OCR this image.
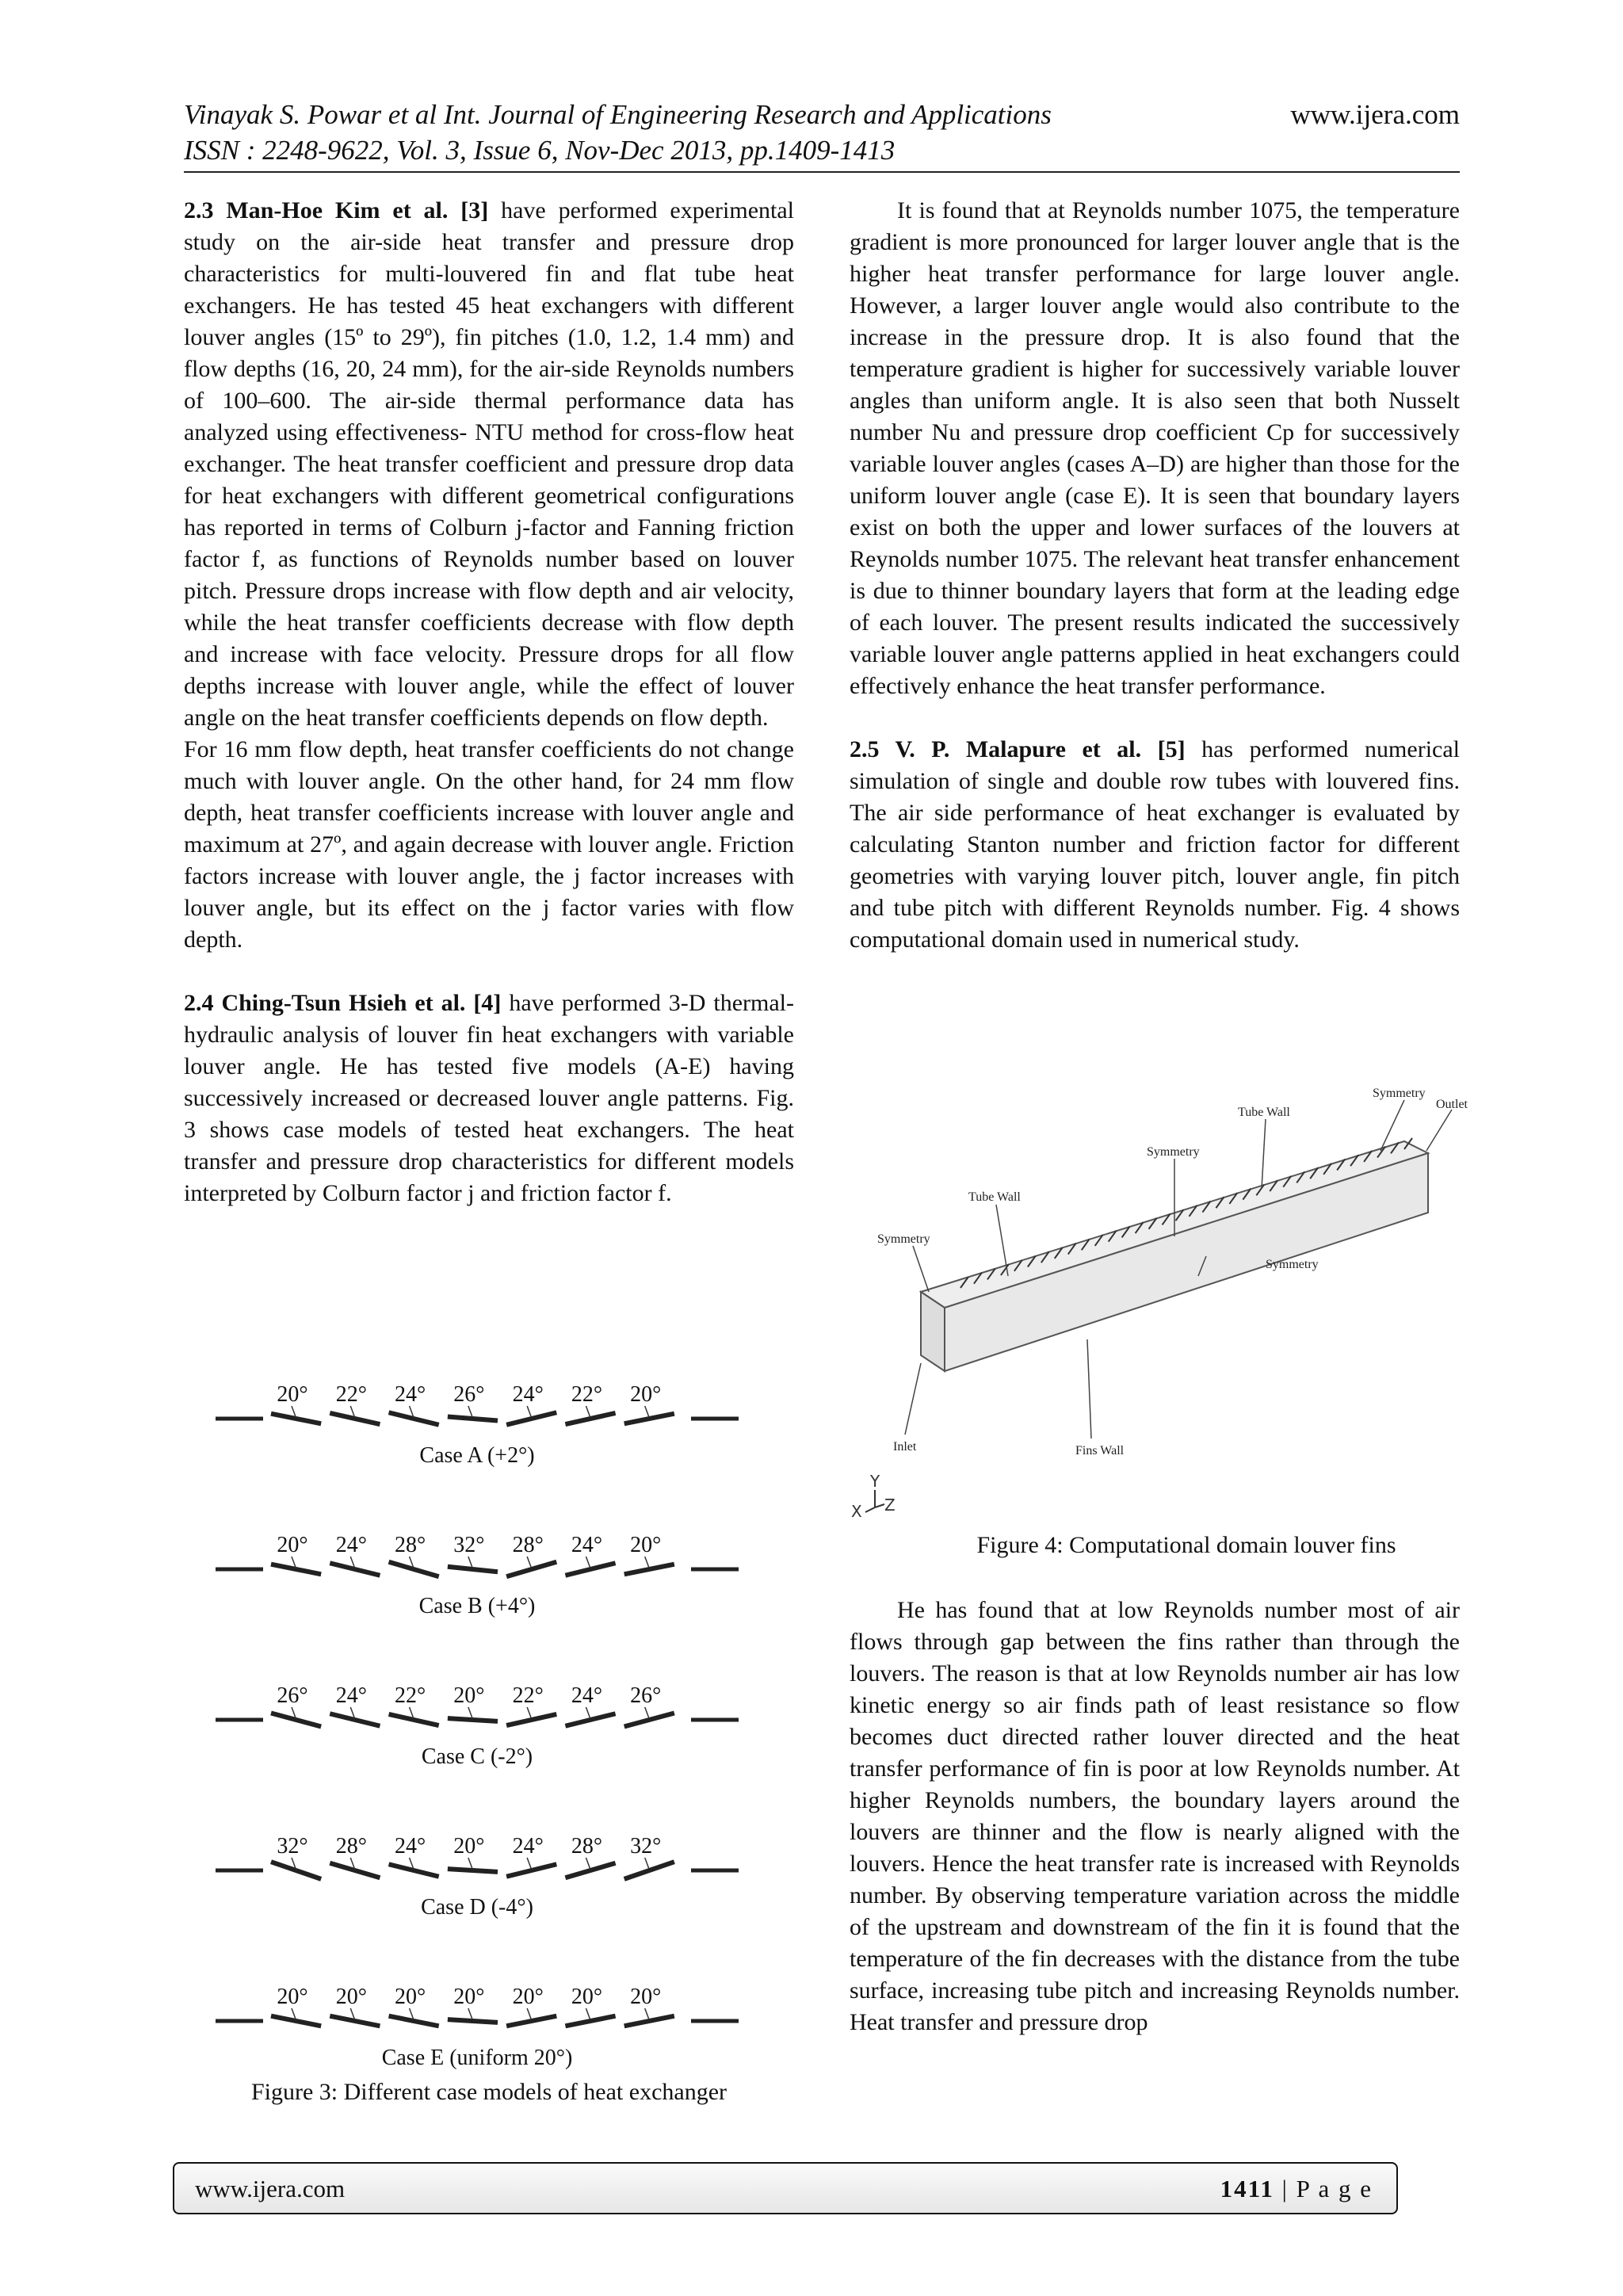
Vinayak S. Powar et al Int. Journal of Engineering Research and Applications	www.ijera.com
ISSN : 2248-9622, Vol. 3, Issue 6, Nov-Dec 2013, pp.1409-1413

2.3 Man-Hoe Kim et al. [3] have performed experimental study on the air-side heat transfer and pressure drop characteristics for multi-louvered fin and flat tube heat exchangers. He has tested 45 heat exchangers with different louver angles (15º to 29º), fin pitches (1.0, 1.2, 1.4 mm) and flow depths (16, 20, 24 mm), for the air-side Reynolds numbers of 100–600. The air-side thermal performance data has analyzed using effectiveness- NTU method for cross-flow heat exchanger. The heat transfer coefficient and pressure drop data for heat exchangers with different geometrical configurations has reported in terms of Colburn j-factor and Fanning friction factor f, as functions of Reynolds number based on louver pitch. Pressure drops increase with flow depth and air velocity, while the heat transfer coefficients decrease with flow depth and increase with face velocity. Pressure drops for all flow depths increase with louver angle, while the effect of louver angle on the heat transfer coefficients depends on flow depth.

For 16 mm flow depth, heat transfer coefficients do not change much with louver angle. On the other hand, for 24 mm flow depth, heat transfer coefficients increase with louver angle and maximum at 27º, and again decrease with louver angle. Friction factors increase with louver angle, the j factor increases with louver angle, but its effect on the j factor varies with flow depth.

2.4 Ching-Tsun Hsieh et al. [4] have performed 3-D thermal-hydraulic analysis of louver fin heat exchangers with variable louver angle. He has tested five models (A-E) having successively increased or decreased louver angle patterns. Fig. 3 shows case models of tested heat exchangers. The heat transfer and pressure drop characteristics for different models interpreted by Colburn factor j and friction factor f.

20° 22° 24° 26° 24° 22° 20°
Case A (+2°)
20° 24° 28° 32° 28° 24° 20°
Case B (+4°)
26° 24° 22° 20° 22° 24° 26°
Case C (-2°)
32° 28° 24° 20° 24° 28° 32°
Case D (-4°)
20° 20° 20° 20° 20° 20° 20°
Case E (uniform 20°)
Figure 3: Different case models of heat exchanger

It is found that at Reynolds number 1075, the temperature gradient is more pronounced for larger louver angle that is the higher heat transfer performance for large louver angle. However, a larger louver angle would also contribute to the increase in the pressure drop. It is also found that the temperature gradient is higher for successively variable louver angles than uniform angle. It is also seen that both Nusselt number Nu and pressure drop coefficient Cp for successively variable louver angles (cases A–D) are higher than those for the uniform louver angle (case E). It is seen that boundary layers exist on both the upper and lower surfaces of the louvers at Reynolds number 1075. The relevant heat transfer enhancement is due to thinner boundary layers that form at the leading edge of each louver. The present results indicated the successively variable louver angle patterns applied in heat exchangers could effectively enhance the heat transfer performance.

2.5 V. P. Malapure et al. [5] has performed numerical simulation of single and double row tubes with louvered fins. The air side performance of heat exchanger is evaluated by calculating Stanton number and friction factor for different geometries with varying louver pitch, louver angle, fin pitch and tube pitch with different Reynolds number. Fig. 4 shows computational domain used in numerical study.

Symmetry
Outlet
Tube Wall
Symmetry
Tube Wall
Symmetry
Symmetry
Inlet	Fins Wall
Y
X Z
Figure 4: Computational domain louver fins

He has found that at low Reynolds number most of air flows through gap between the fins rather than through the louvers. The reason is that at low Reynolds number air has low kinetic energy so air finds path of least resistance so flow becomes duct directed rather louver directed and the heat transfer performance of fin is poor at low Reynolds number. At higher Reynolds numbers, the boundary layers around the louvers are thinner and the flow is nearly aligned with the louvers. Hence the heat transfer rate is increased with Reynolds number. By observing temperature variation across the middle of the upstream and downstream of the fin it is found that the temperature of the fin decreases with the distance from the tube surface, increasing tube pitch and increasing Reynolds number. Heat transfer and pressure drop

www.ijera.com	1411 | P a g e
